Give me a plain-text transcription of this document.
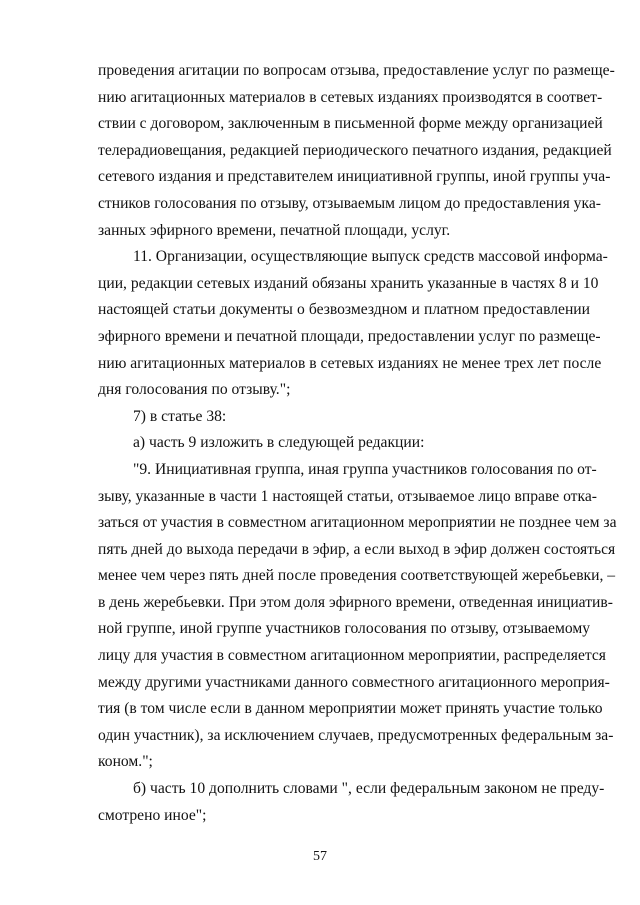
проведения агитации по вопросам отзыва, предоставление услуг по размеще-
нию агитационных материалов в сетевых изданиях производятся в соответ-
ствии с договором, заключенным в письменной форме между организацией
телерадиовещания, редакцией периодического печатного издания, редакцией
сетевого издания и представителем инициативной группы, иной группы уча-
стников голосования по отзыву, отзываемым лицом до предоставления ука-
занных эфирного времени, печатной площади, услуг.
11. Организации, осуществляющие выпуск средств массовой информа-
ции, редакции сетевых изданий обязаны хранить указанные в частях 8 и 10
настоящей статьи документы о безвозмездном и платном предоставлении
эфирного времени и печатной площади, предоставлении услуг по размеще-
нию агитационных материалов в сетевых изданиях не менее трех лет после
дня голосования по отзыву.";
7) в статье 38:
а) часть 9 изложить в следующей редакции:
"9. Инициативная группа, иная группа участников голосования по от-
зыву, указанные в части 1 настоящей статьи, отзываемое лицо вправе отка-
заться от участия в совместном агитационном мероприятии не позднее чем за
пять дней до выхода передачи в эфир, а если выход в эфир должен состояться
менее чем через пять дней после проведения соответствующей жеребьевки, –
в день жеребьевки. При этом доля эфирного времени, отведенная инициатив-
ной группе, иной группе участников голосования по отзыву, отзываемому
лицу для участия в совместном агитационном мероприятии, распределяется
между другими участниками данного совместного агитационного мероприя-
тия (в том числе если в данном мероприятии может принять участие только
один участник), за исключением случаев, предусмотренных федеральным за-
коном.";
б) часть 10 дополнить словами ", если федеральным законом не преду-
смотрено иное";
57
